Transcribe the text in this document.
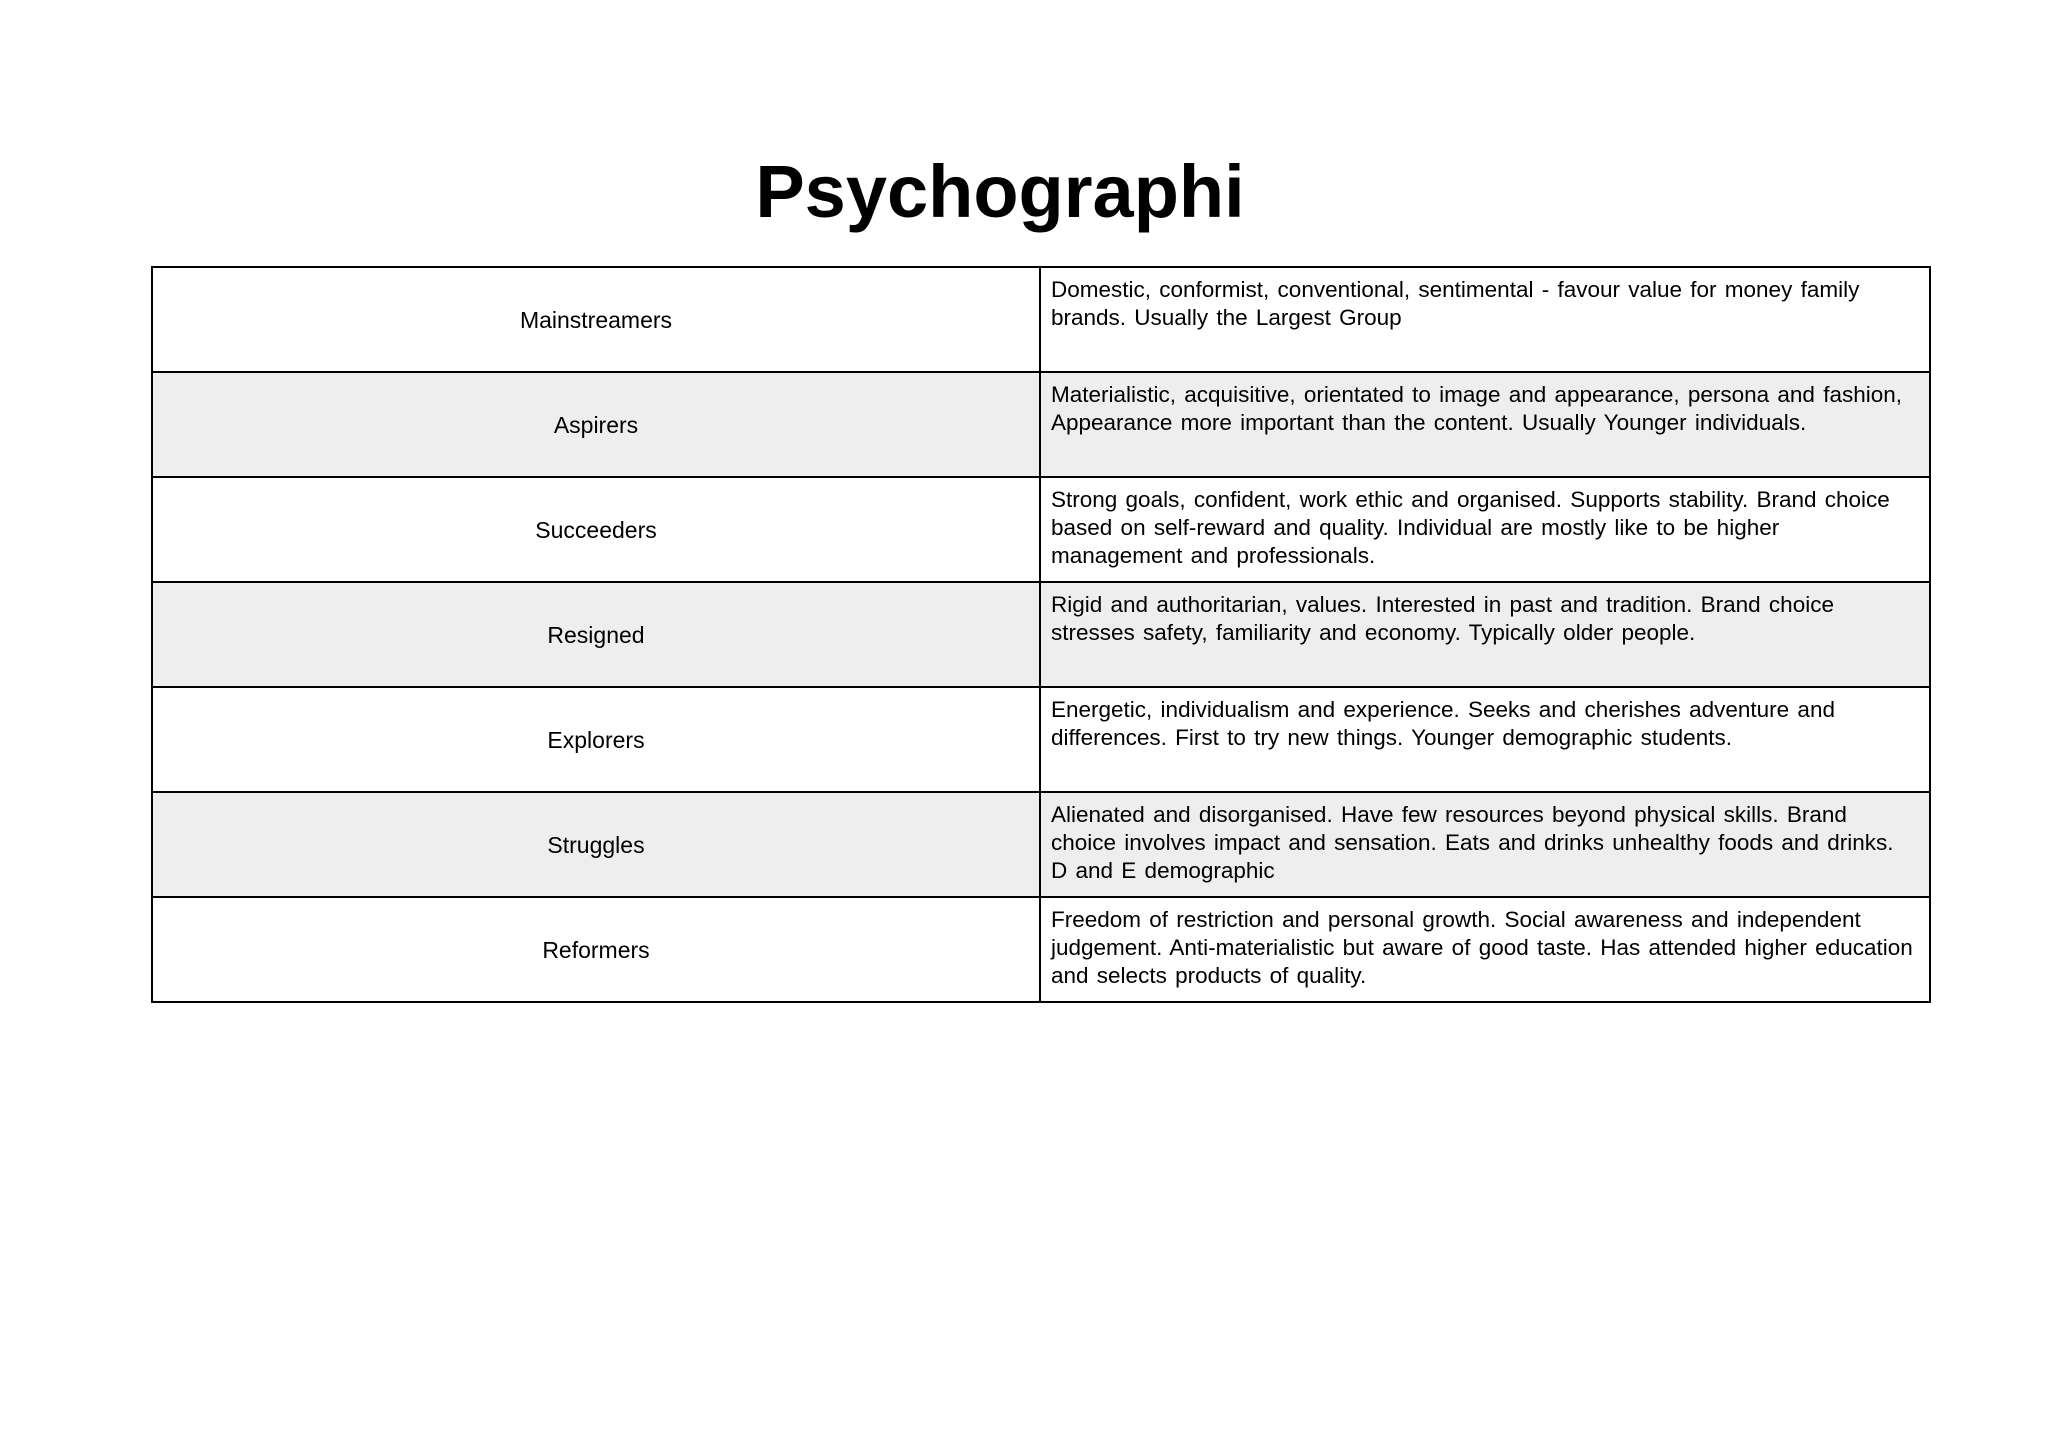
Psychographi
Mainstreamers	Domestic, conformist, conventional, sentimental - favour value for money family brands. Usually the Largest Group
Aspirers	Materialistic, acquisitive, orientated to image and appearance, persona and fashion, Appearance more important than the content. Usually Younger individuals.
Succeeders	Strong goals, confident, work ethic and organised. Supports stability. Brand choice based on self-reward and quality. Individual are mostly like to be higher management and professionals.
Resigned	Rigid and authoritarian, values. Interested in past and tradition. Brand choice stresses safety, familiarity and economy. Typically older people.
Explorers	Energetic, individualism and experience. Seeks and cherishes adventure and differences. First to try new things. Younger demographic students.
Struggles	Alienated and disorganised. Have few resources beyond physical skills. Brand choice involves impact and sensation. Eats and drinks unhealthy foods and drinks. D and E demographic
Reformers	Freedom of restriction and personal growth. Social awareness and independent judgement. Anti-materialistic but aware of good taste. Has attended higher education and selects products of quality.
